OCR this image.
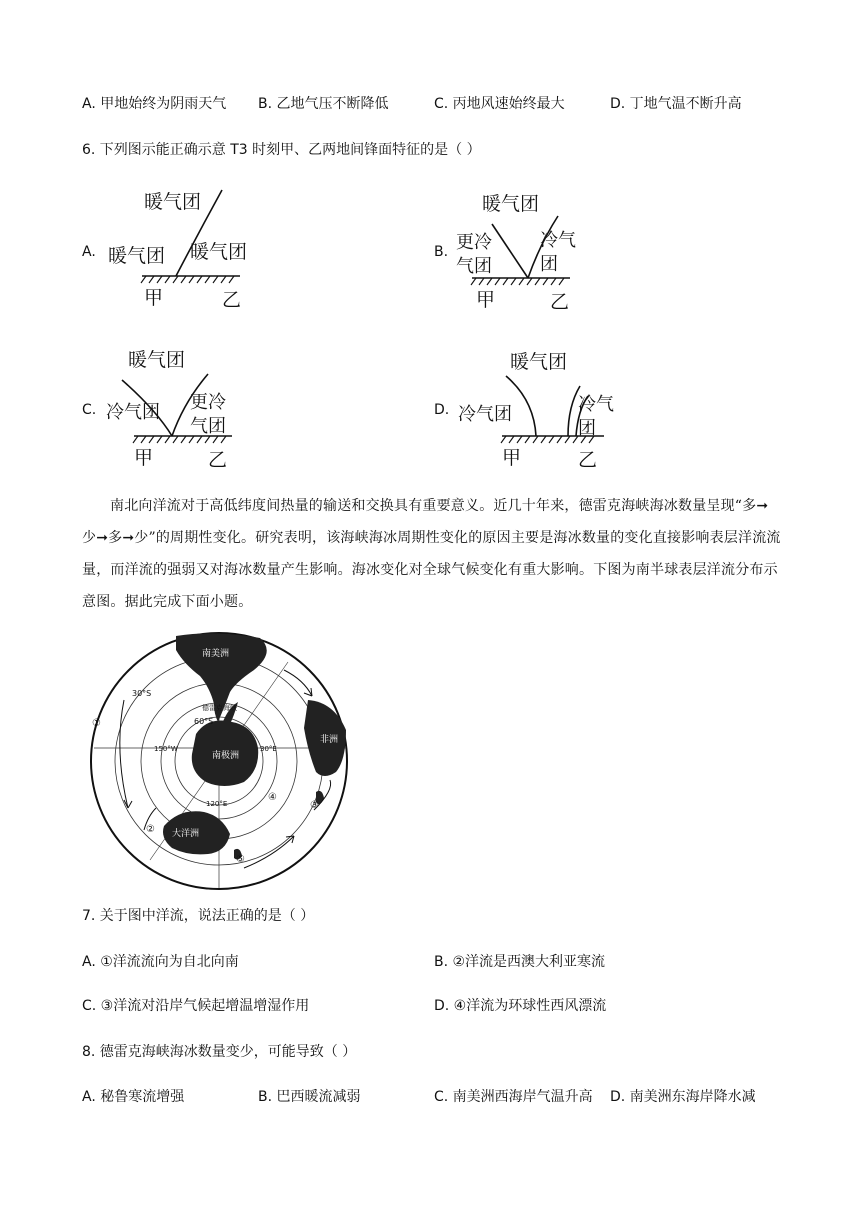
A. 甲地始终为阴雨天气 B. 乙地气压不断降低	C. 丙地风速始终最大	D. 丁地气温不断升高
6. 下列图示能正确示意 T3 时刻甲、乙两地间锋面特征的是（ ）
A.	B.
C.	D.
暖气团
暖气团 暖气团
甲	乙
暖气团
更冷
气团
冷气
团
甲	乙
暖气团
冷气团 更冷
气团
甲	乙
暖气团
冷气团	冷气
团
甲	乙

南北向洋流对于高低纬度间热量的输送和交换具有重要意义。近几十年来，德雷克海峡海冰数量呈现“多➞少➞多➞少”的周期性变化。研究表明，该海峡海冰周期性变化的原因主要是海冰数量的变化直接影响表层洋流流量，而洋流的强弱又对海冰数量产生影响。海冰变化对全球气候变化有重大影响。下图为南半球表层洋流分布示意图。据此完成下面小题。

南美洲
德雷克海峡
南极洲
非洲
大洋洲
30°S
60°S
150°W	30°E
120°E
①
②
③
④
⑤
7. 关于图中洋流，说法正确的是（ ）
A. ①洋流流向为自北向南	B. ②洋流是西澳大利亚寒流
C. ③洋流对沿岸气候起增温增湿作用	D. ④洋流为环球性西风漂流
8. 德雷克海峡海冰数量变少，可能导致（ ）
A. 秘鲁寒流增强	B. 巴西暖流减弱	C. 南美洲西海岸气温升高 D. 南美洲东海岸降水减
